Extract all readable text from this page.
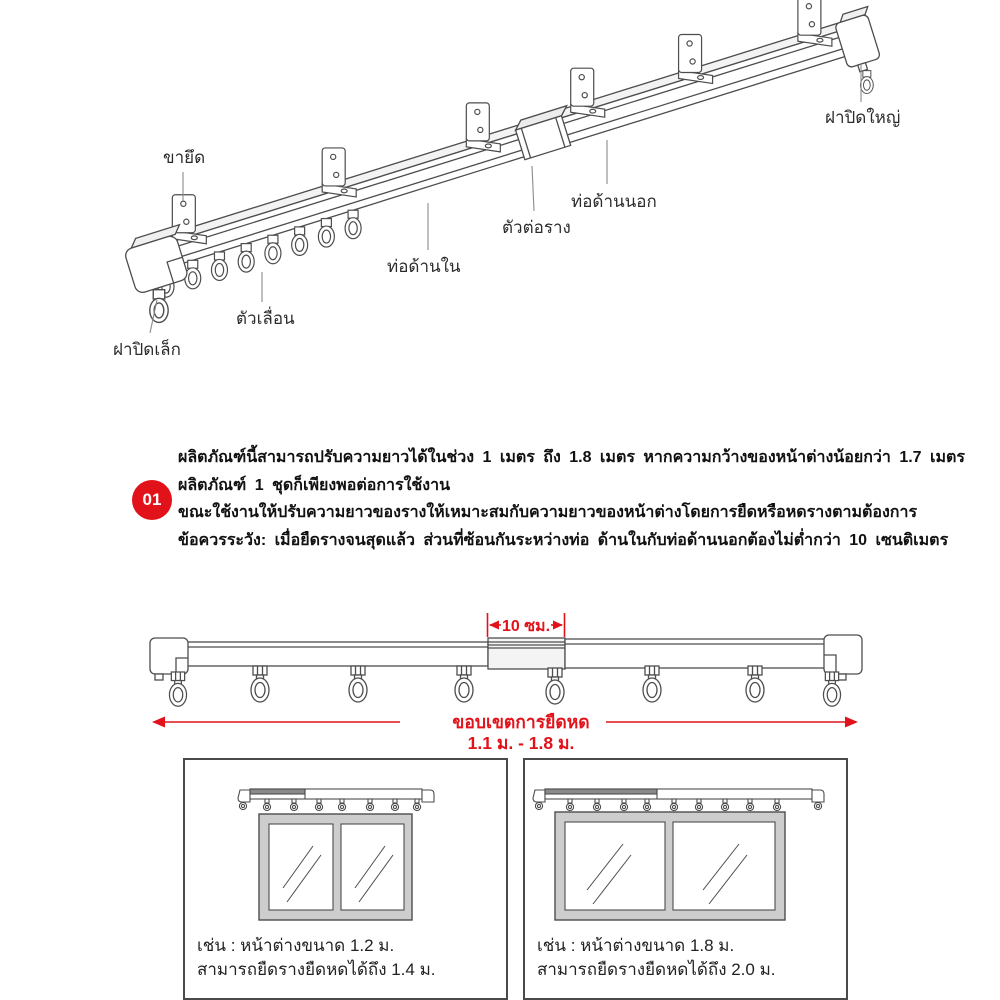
ขายึด
ฝาปิดเล็ก
ตัวเลื่อน
ท่อด้านใน
ตัวต่อราง
ท่อด้านนอก
ฝาปิดใหญ่
01
ผลิตภัณฑ์นี้สามารถปรับความยาวได้ในช่วง 1 เมตร ถึง 1.8 เมตร หากความกว้างของหน้าต่างน้อยกว่า 1.7 เมตร
ผลิตภัณฑ์ 1 ชุดก็เพียงพอต่อการใช้งาน
ขณะใช้งานให้ปรับความยาวของรางให้เหมาะสมกับความยาวของหน้าต่างโดยการยืดหรือหดรางตามต้องการ
ข้อควรระวัง: เมื่อยืดรางจนสุดแล้ว ส่วนที่ซ้อนกันระหว่างท่อ ด้านในกับท่อด้านนอกต้องไม่ต่ำกว่า 10 เซนติเมตร
10 ซม.
ขอบเขตการยืดหด
1.1 ม. - 1.8 ม.
เช่น : หน้าต่างขนาด 1.2 ม.
สามารถยืดรางยืดหดได้ถึง 1.4 ม.
เช่น : หน้าต่างขนาด 1.8 ม.
สามารถยืดรางยืดหดได้ถึง 2.0 ม.
